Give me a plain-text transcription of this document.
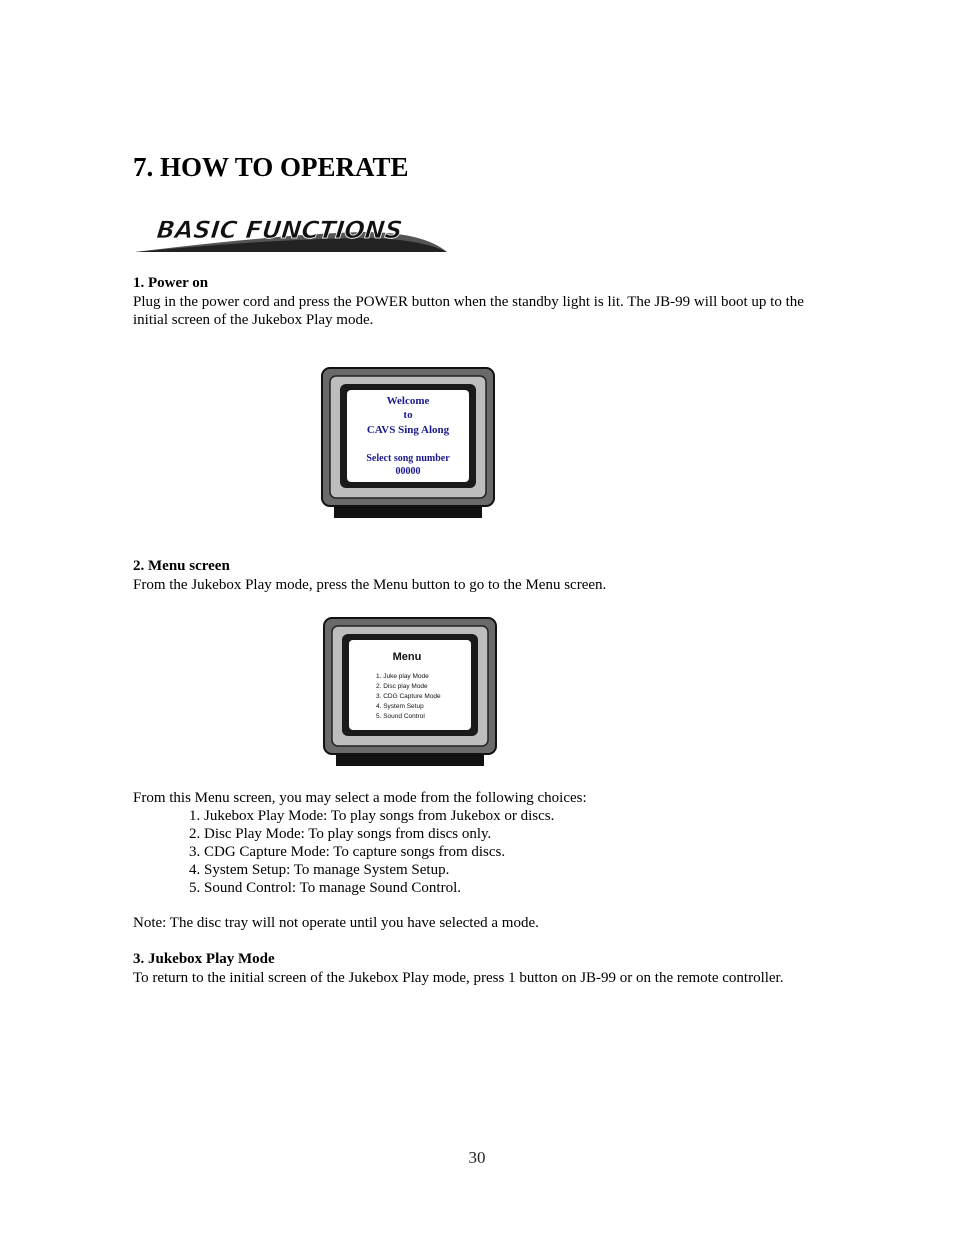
7. HOW TO OPERATE
BASIC FUNCTIONS
1. Power on
Plug in the power cord and press the POWER button when the standby light is lit. The JB-99 will boot up to the
initial screen of the Jukebox Play mode.
Welcome
to
CAVS Sing Along
Select song number
00000
2. Menu screen
From the Jukebox Play mode, press the Menu button to go to the Menu screen.
Menu
1. Juke play Mode
2. Disc play Mode
3. CDG Capture Mode
4. System Setup
5. Sound Control
From this Menu screen, you may select a mode from the following choices:
1. Jukebox Play Mode: To play songs from Jukebox or discs.
2. Disc Play Mode: To play songs from discs only.
3. CDG Capture Mode: To capture songs from discs.
4. System Setup: To manage System Setup.
5. Sound Control: To manage Sound Control.
Note: The disc tray will not operate until you have selected a mode.
3. Jukebox Play Mode
To return to the initial screen of the Jukebox Play mode, press 1 button on JB-99 or on the remote controller.
30
